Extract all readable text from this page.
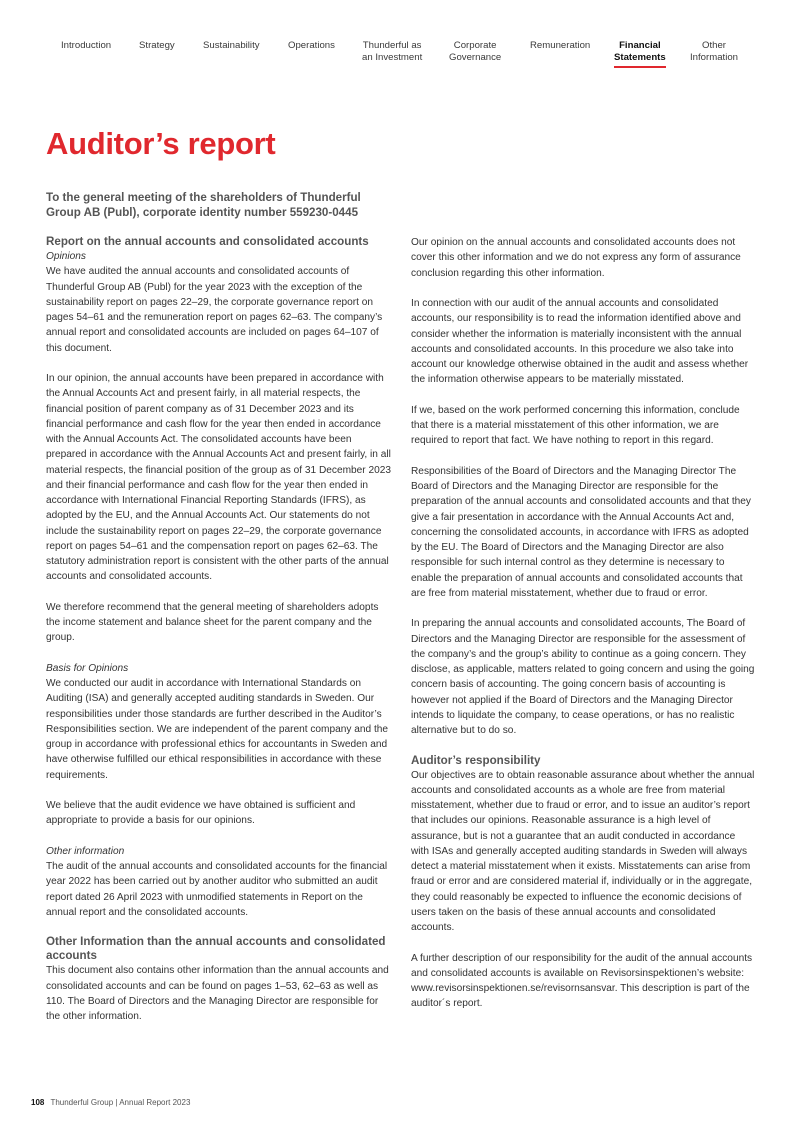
Introduction	Strategy	Sustainability	Operations	Thunderful as
an Investment
Corporate
Governance
Remuneration	Financial
Statements
Other
Information
Auditor’s report
To the general meeting of the shareholders of Thunderful Group AB (Publ), corporate identity number 559230-0445
Report on the annual accounts and consolidated accounts
Opinions

We have audited the annual accounts and consolidated accounts of Thunderful Group AB (Publ) for the year 2023 with the exception of the sustainability report on pages 22–29, the corporate governance report on pages 54–61 and the remuneration report on pages 62–63. The company’s annual report and consolidated accounts are included on pages 64–107 of this document.

In our opinion, the annual accounts have been prepared in accordance with the Annual Accounts Act and present fairly, in all material respects, the financial position of parent company as of 31 December 2023 and its financial performance and cash flow for the year then ended in accordance with the Annual Accounts Act. The consolidated accounts have been prepared in accordance with the Annual Accounts Act and present fairly, in all material respects, the financial position of the group as of 31 December 2023 and their financial performance and cash flow for the year then ended in accordance with International Financial Reporting Standards (IFRS), as adopted by the EU, and the Annual Accounts Act. Our statements do not include the sustainability report on pages 22–29, the corporate governance report on pages 54–61 and the compensation report on pages 62–63. The statutory administration report is consistent with the other parts of the annual accounts and consolidated accounts.

We therefore recommend that the general meeting of shareholders adopts the income statement and balance sheet for the parent company and the group.

Basis for Opinions

We conducted our audit in accordance with International Standards on Auditing (ISA) and generally accepted auditing standards in Sweden. Our responsibilities under those standards are further described in the Auditor’s Responsibilities section. We are independent of the parent company and the group in accordance with professional ethics for accountants in Sweden and have otherwise fulfilled our ethical responsibilities in accordance with these requirements.

We believe that the audit evidence we have obtained is sufficient and appropriate to provide a basis for our opinions.

Other information

The audit of the annual accounts and consolidated accounts for the financial year 2022 has been carried out by another auditor who submitted an audit report dated 26 April 2023 with unmodified statements in Report on the annual report and the consolidated accounts.

Other Information than the annual accounts and consolidated accounts

This document also contains other information than the annual accounts and consolidated accounts and can be found on pages 1–53, 62–63 as well as 110. The Board of Directors and the Managing Director are responsible for the other information.

Our opinion on the annual accounts and consolidated accounts does not cover this other information and we do not express any form of assurance conclusion regarding this other information.

In connection with our audit of the annual accounts and consolidated accounts, our responsibility is to read the information identified above and consider whether the information is materially inconsistent with the annual accounts and consolidated accounts. In this procedure we also take into account our knowledge otherwise obtained in the audit and assess whether the information otherwise appears to be materially misstated.

If we, based on the work performed concerning this information, conclude that there is a material misstatement of this other information, we are required to report that fact. We have nothing to report in this regard.

Responsibilities of the Board of Directors and the Managing Director The Board of Directors and the Managing Director are responsible for the preparation of the annual accounts and consolidated accounts and that they give a fair presentation in accordance with the Annual Accounts Act and, concerning the consolidated accounts, in accordance with IFRS as adopted by the EU. The Board of Directors and the Managing Director are also responsible for such internal control as they determine is necessary to enable the preparation of annual accounts and consolidated accounts that are free from material misstatement, whether due to fraud or error.

In preparing the annual accounts and consolidated accounts, The Board of Directors and the Managing Director are responsible for the assessment of the company’s and the group’s ability to continue as a going concern. They disclose, as applicable, matters related to going concern and using the going concern basis of accounting. The going concern basis of accounting is however not applied if the Board of Directors and the Managing Director intends to liquidate the company, to cease operations, or has no realistic alternative but to do so.

Auditor’s responsibility

Our objectives are to obtain reasonable assurance about whether the annual accounts and consolidated accounts as a whole are free from material misstatement, whether due to fraud or error, and to issue an auditor’s report that includes our opinions. Reasonable assurance is a high level of assurance, but is not a guarantee that an audit conducted in accordance with ISAs and generally accepted auditing standards in Sweden will always detect a material misstatement when it exists. Misstatements can arise from fraud or error and are considered material if, individually or in the aggregate, they could reasonably be expected to influence the economic decisions of users taken on the basis of these annual accounts and consolidated accounts.

A further description of our responsibility for the audit of the annual accounts and consolidated accounts is available on Revisorsinspektionen’s website: www.revisorsinspektionen.se/revisornsansvar. This description is part of the auditor´s report.

108 Thunderful Group | Annual Report 2023
